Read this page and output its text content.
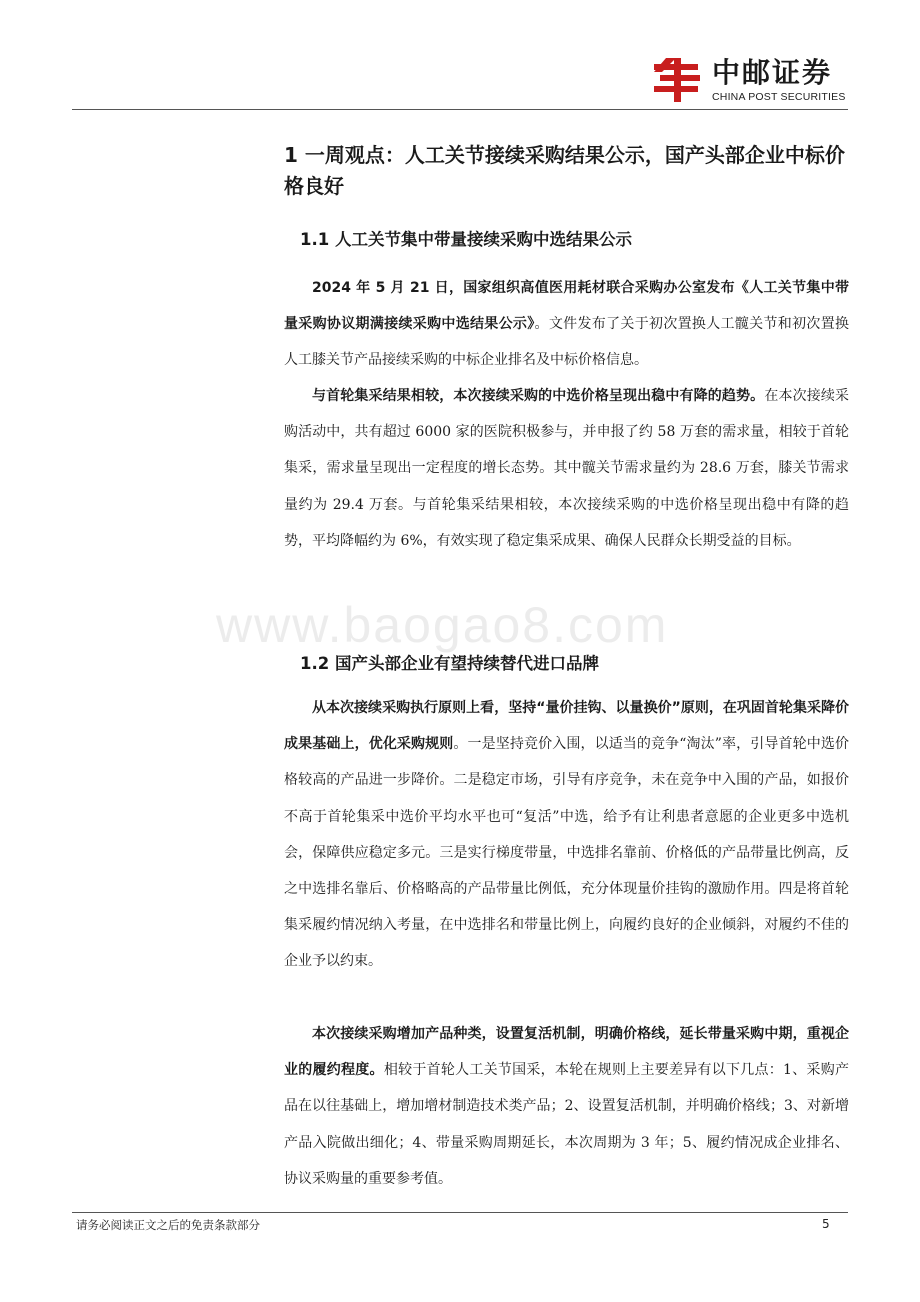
中邮证券
CHINA POST SECURITIES
1 一周观点：人工关节接续采购结果公示，国产头部企业中标价格良好
1.1 人工关节集中带量接续采购中选结果公示

2024 年 5 月 21 日，国家组织高值医用耗材联合采购办公室发布《人工关节集中带量采购协议期满接续采购中选结果公示》。文件发布了关于初次置换人工髋关节和初次置换人工膝关节产品接续采购的中标企业排名及中标价格信息。

与首轮集采结果相较，本次接续采购的中选价格呈现出稳中有降的趋势。在本次接续采购活动中，共有超过 6000 家的医院积极参与，并申报了约 58 万套的需求量，相较于首轮集采，需求量呈现出一定程度的增长态势。其中髋关节需求量约为 28.6 万套，膝关节需求量约为 29.4 万套。与首轮集采结果相较，本次接续采购的中选价格呈现出稳中有降的趋势，平均降幅约为 6%，有效实现了稳定集采成果、确保人民群众长期受益的目标。

www.baogao8.com
1.2 国产头部企业有望持续替代进口品牌

从本次接续采购执行原则上看，坚持“量价挂钩、以量换价”原则，在巩固首轮集采降价成果基础上，优化采购规则。一是坚持竞价入围，以适当的竞争“淘汰”率，引导首轮中选价格较高的产品进一步降价。二是稳定市场，引导有序竞争，未在竞争中入围的产品，如报价不高于首轮集采中选价平均水平也可“复活”中选，给予有让利患者意愿的企业更多中选机会，保障供应稳定多元。三是实行梯度带量，中选排名靠前、价格低的产品带量比例高，反之中选排名靠后、价格略高的产品带量比例低，充分体现量价挂钩的激励作用。四是将首轮集采履约情况纳入考量，在中选排名和带量比例上，向履约良好的企业倾斜，对履约不佳的企业予以约束。

本次接续采购增加产品种类，设置复活机制，明确价格线，延长带量采购中期，重视企业的履约程度。相较于首轮人工关节国采，本轮在规则上主要差异有以下几点：1、采购产品在以往基础上，增加增材制造技术类产品；2、设置复活机制，并明确价格线；3、对新增产品入院做出细化；4、带量采购周期延长，本次周期为 3 年；5、履约情况成企业排名、协议采购量的重要参考值。

请务必阅读正文之后的免责条款部分	5
